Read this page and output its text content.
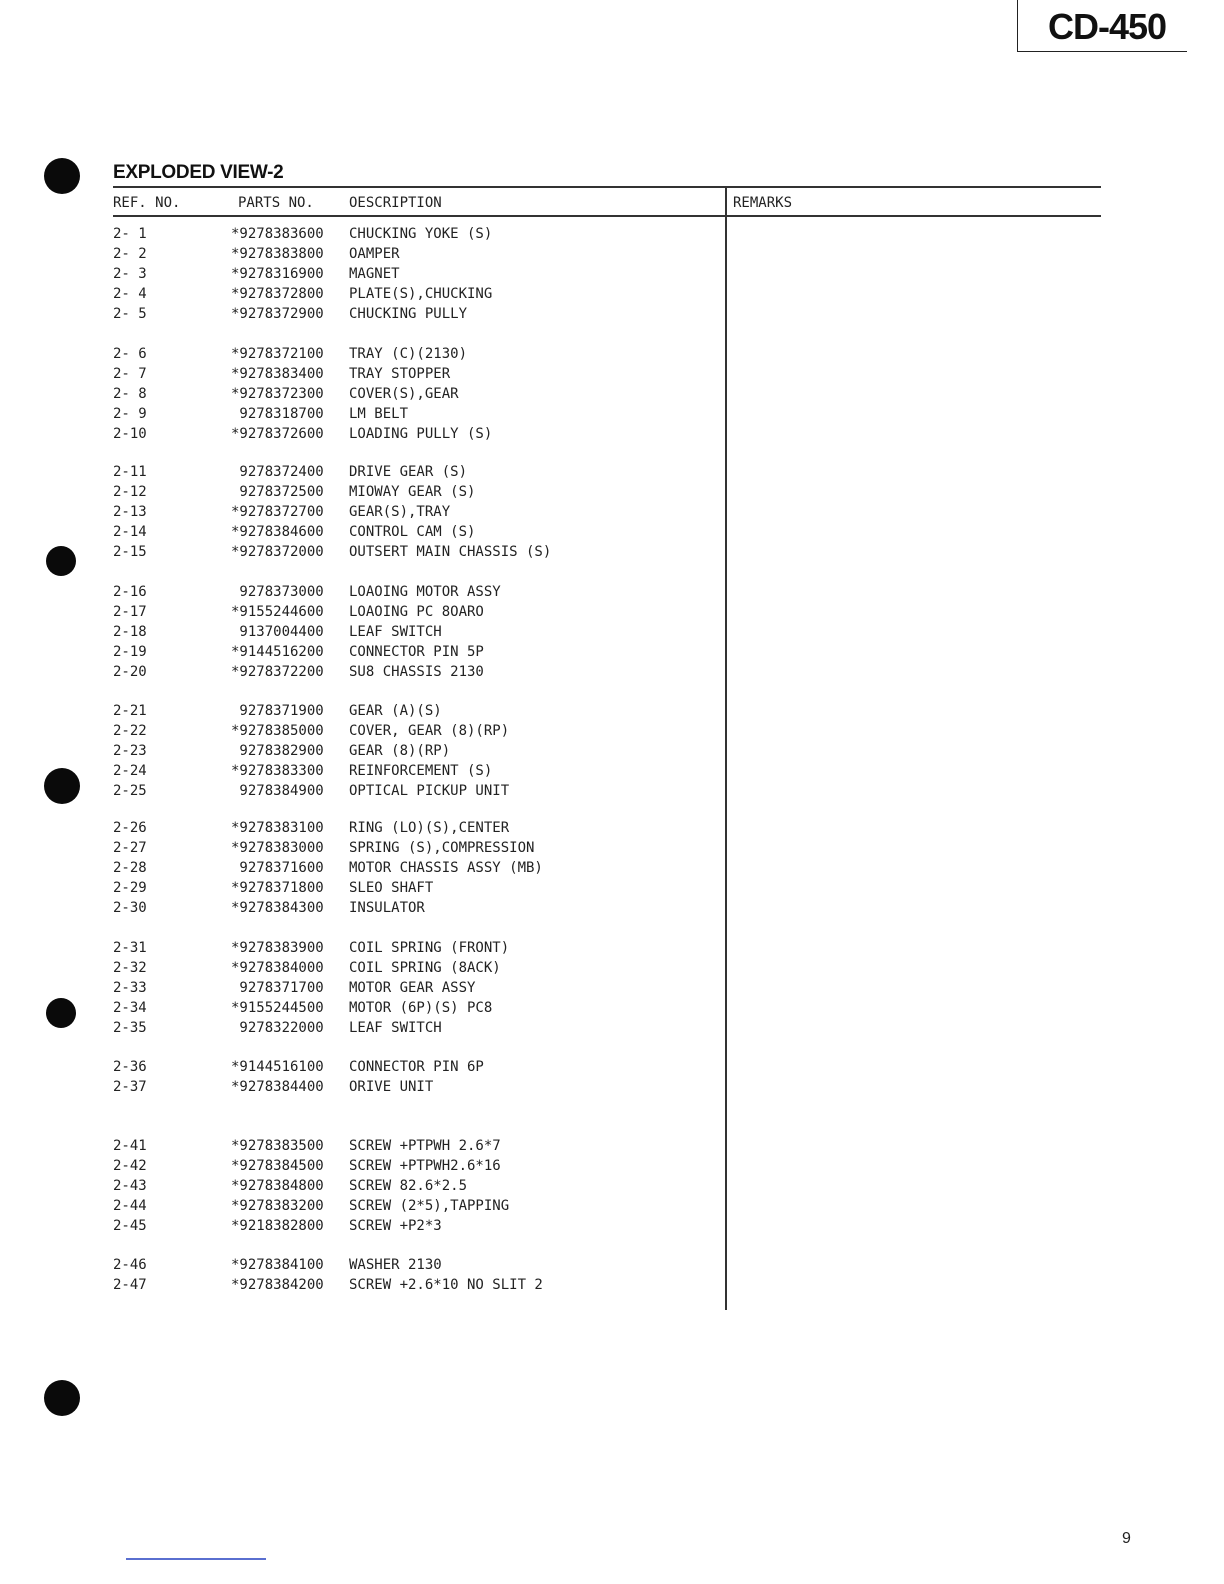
CD-450
EXPLODED VIEW-2
REF. NO.	PARTS NO.	OESCRIPTION	REMARKS
2- 1	*9278383600 CHUCKING YOKE (S)
2- 2	*9278383800 OAMPER
2- 3	*9278316900 MAGNET
2- 4	*9278372800 PLATE(S),CHUCKING
2- 5	*9278372900 CHUCKING PULLY
2- 6	*9278372100 TRAY (C)(2130)
2- 7	*9278383400 TRAY STOPPER
2- 8	*9278372300 COVER(S),GEAR
2- 9	9278318700 LM BELT
2-10	*9278372600 LOADING PULLY (S)
2-11	9278372400 DRIVE GEAR (S)
2-12	9278372500 MIOWAY GEAR (S)
2-13	*9278372700 GEAR(S),TRAY
2-14	*9278384600 CONTROL CAM (S)
2-15	*9278372000 OUTSERT MAIN CHASSIS (S)
2-16	9278373000 LOAOING MOTOR ASSY
2-17	*9155244600 LOAOING PC 8OARO
2-18	9137004400 LEAF SWITCH
2-19	*9144516200 CONNECTOR PIN 5P
2-20	*9278372200 SU8 CHASSIS 2130
2-21	9278371900 GEAR (A)(S)
2-22	*9278385000 COVER, GEAR (8)(RP)
2-23	9278382900 GEAR (8)(RP)
2-24	*9278383300 REINFORCEMENT (S)
2-25	9278384900 OPTICAL PICKUP UNIT
2-26	*9278383100 RING (LO)(S),CENTER
2-27	*9278383000 SPRING (S),COMPRESSION
2-28	9278371600 MOTOR CHASSIS ASSY (MB)
2-29	*9278371800 SLEO SHAFT
2-30	*9278384300 INSULATOR
2-31	*9278383900 COIL SPRING (FRONT)
2-32	*9278384000 COIL SPRING (8ACK)
2-33	9278371700 MOTOR GEAR ASSY
2-34	*9155244500 MOTOR (6P)(S) PC8
2-35	9278322000 LEAF SWITCH
2-36	*9144516100 CONNECTOR PIN 6P
2-37	*9278384400 ORIVE UNIT
2-41	*9278383500 SCREW +PTPWH 2.6*7
2-42	*9278384500 SCREW +PTPWH2.6*16
2-43	*9278384800 SCREW 82.6*2.5
2-44	*9278383200 SCREW (2*5),TAPPING
2-45	*9218382800 SCREW +P2*3
2-46	*9278384100 WASHER 2130
2-47	*9278384200 SCREW +2.6*10 NO SLIT 2
9
